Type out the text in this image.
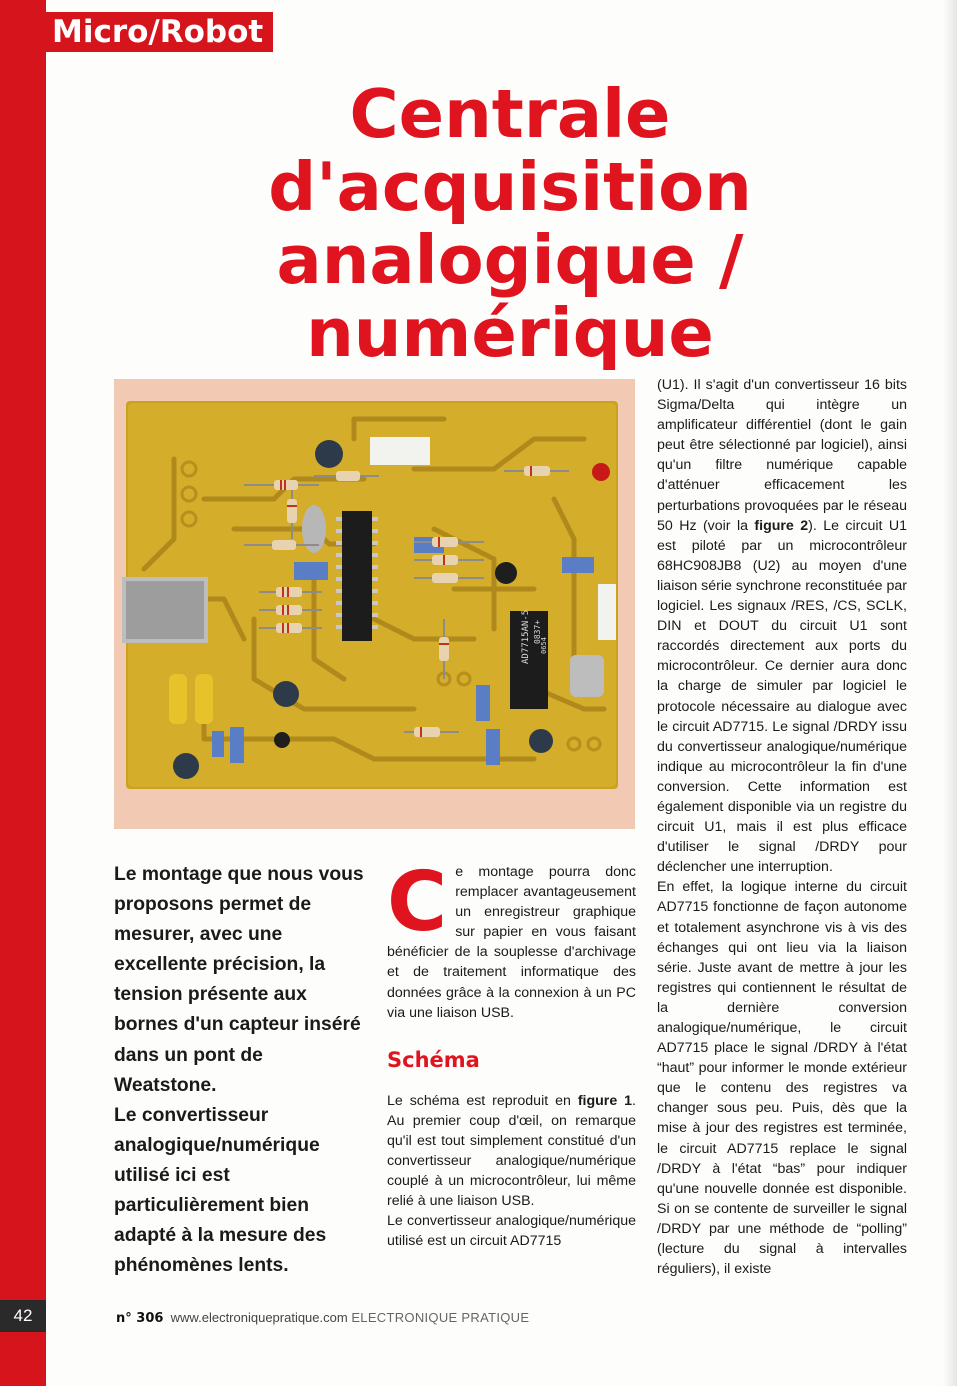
Micro/Robot
Centrale
d'acquisition
analogique /
numérique
AD7715AN-5 0837+
0654

Le montage que nous vous proposons permet de mesurer, avec une excellente précision, la tension présente aux bornes d'un capteur inséré dans un pont de Weatstone.

Le convertisseur analogique/numérique utilisé ici est particulièrement bien adapté à la mesure des phénomènes lents.

Ce montage pourra donc remplacer avantageusement un enregistreur graphique sur papier en vous faisant bénéficier de la souplesse d'archivage et de traitement informatique des données grâce à la connexion à un PC via une liaison USB.

Schéma

Le schéma est reproduit en figure 1. Au premier coup d'œil, on remarque qu'il est tout simplement constitué d'un convertisseur analogique/numérique couplé à un microcontrôleur, lui même relié à une liaison USB.

Le convertisseur analogique/numérique utilisé est un circuit AD7715

(U1). Il s'agit d'un convertisseur 16 bits Sigma/Delta qui intègre un amplificateur différentiel (dont le gain peut être sélectionné par logiciel), ainsi qu'un filtre numérique capable d'atténuer efficacement les perturbations provoquées par le réseau 50 Hz (voir la figure 2). Le circuit U1 est piloté par un microcontrôleur 68HC908JB8 (U2) au moyen d'une liaison série synchrone reconstituée par logiciel. Les signaux /RES, /CS, SCLK, DIN et DOUT du circuit U1 sont raccordés directement aux ports du microcontrôleur. Ce dernier aura donc la charge de simuler par logiciel le protocole nécessaire au dialogue avec le circuit AD7715. Le signal /DRDY issu du convertisseur analogique/numérique indique au microcontrôleur la fin d'une conversion. Cette information est également disponible via un registre du circuit U1, mais il est plus efficace d'utiliser le signal /DRDY pour déclencher une interruption.

En effet, la logique interne du circuit AD7715 fonctionne de façon autonome et totalement asynchrone vis à vis des échanges qui ont lieu via la liaison série. Juste avant de mettre à jour les registres qui contiennent le résultat de la dernière conversion analogique/numérique, le circuit AD7715 place le signal /DRDY à l'état “haut” pour informer le monde extérieur que le contenu des registres va changer sous peu. Puis, dès que la mise à jour des registres est terminée, le circuit AD7715 replace le signal /DRDY à l'état “bas” pour indiquer qu'une nouvelle donnée est disponible. Si on se contente de surveiller le signal /DRDY par une méthode de “polling” (lecture du signal à intervalles réguliers), il existe

42	n° 306 www.electroniquepratique.com ELECTRONIQUE PRATIQUE
